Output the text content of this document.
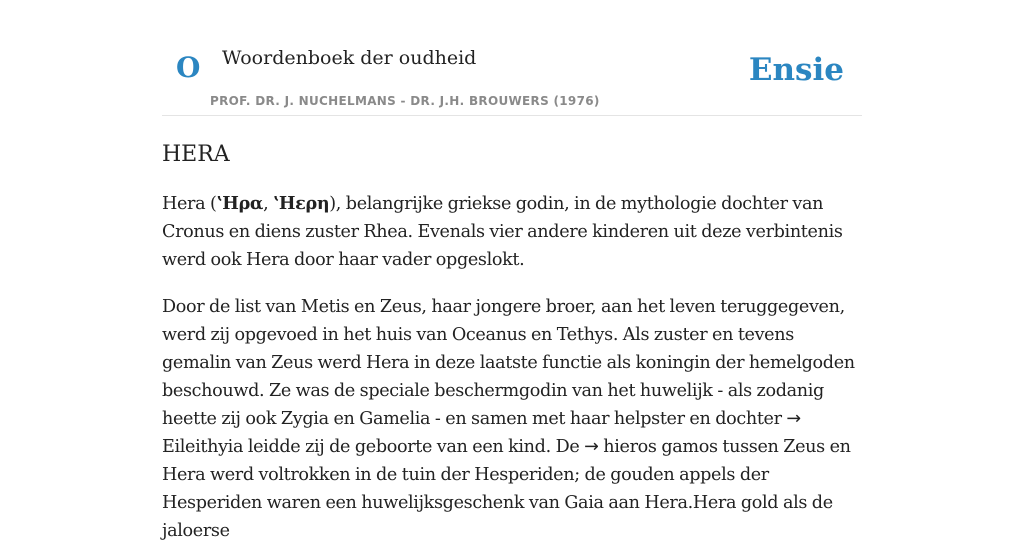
O Woordenboek der oudheid
PROF. DR. J. NUCHELMANS - DR. J.H. BROUWERS (1976)
Ensie
HERA

Hera (ʽΗρα, ʽΗερη), belangrijke griekse godin, in de mythologie dochter van Cronus en diens zuster Rhea. Evenals vier andere kinderen uit deze verbintenis werd ook Hera door haar vader opgeslokt.

Door de list van Metis en Zeus, haar jongere broer, aan het leven teruggegeven, werd zij opgevoed in het huis van Oceanus en Tethys. Als zuster en tevens gemalin van Zeus werd Hera in deze laatste functie als koningin der hemelgoden beschouwd. Ze was de speciale beschermgodin van het huwelijk - als zodanig heette zij ook Zygia en Gamelia - en samen met haar helpster en dochter → Eileithyia leidde zij de geboorte van een kind. De → hieros gamos tussen Zeus en Hera werd voltrokken in de tuin der Hesperiden; de gouden appels der Hesperiden waren een huwelijksgeschenk van Gaia aan Hera.Hera gold als de jaloerse
